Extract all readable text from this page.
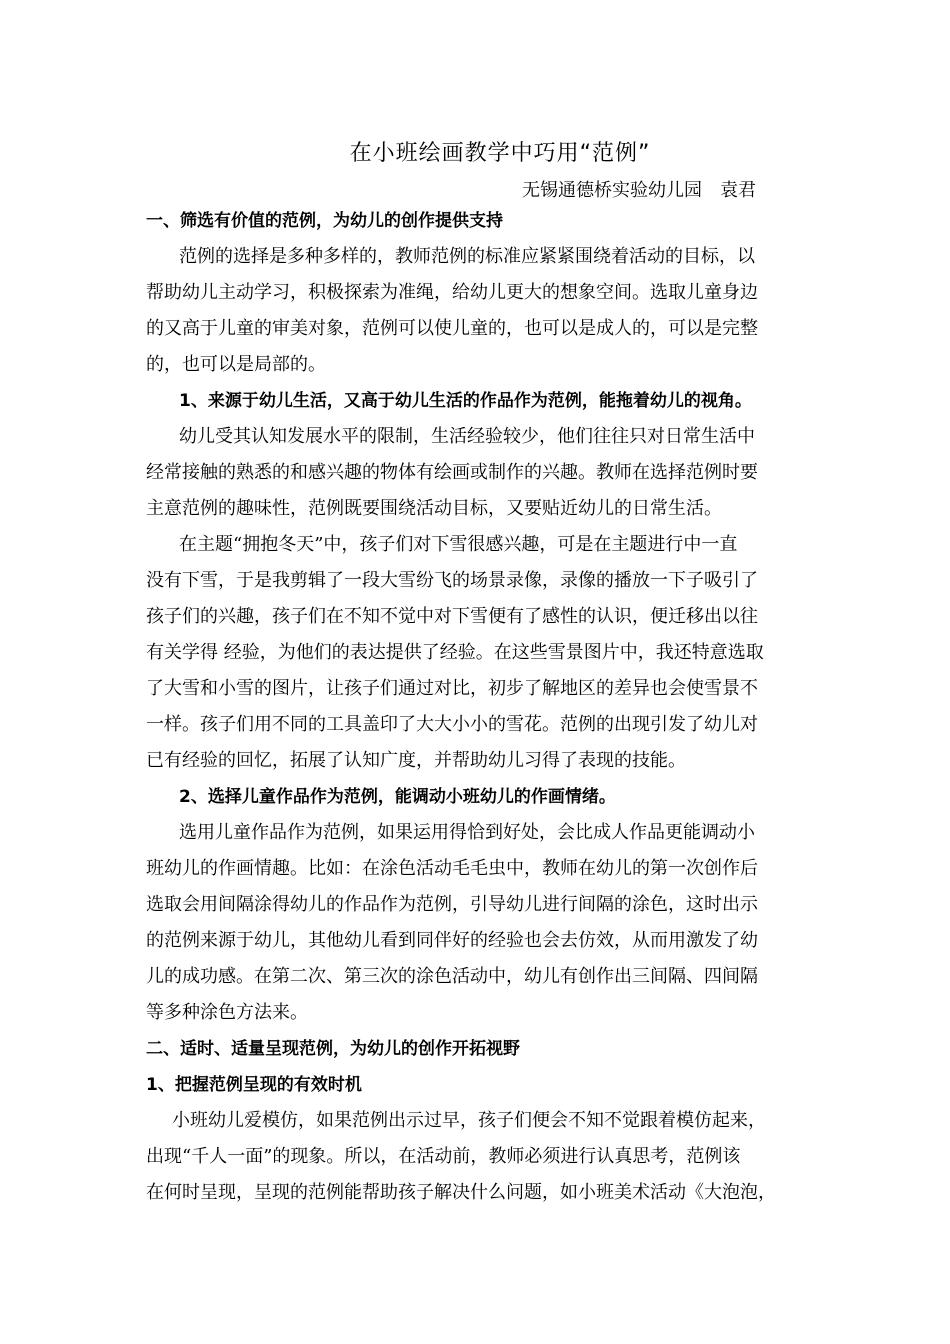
在小班绘画教学中巧用“范例”
无锡通德桥实验幼儿园 袁君
一、筛选有价值的范例，为幼儿的创作提供支持
范例的选择是多种多样的，教师范例的标准应紧紧围绕着活动的目标，以
帮助幼儿主动学习，积极探索为准绳，给幼儿更大的想象空间。选取儿童身边
的又高于儿童的审美对象，范例可以使儿童的，也可以是成人的，可以是完整
的，也可以是局部的。
1、来源于幼儿生活，又高于幼儿生活的作品作为范例，能拖着幼儿的视角。
幼儿受其认知发展水平的限制，生活经验较少，他们往往只对日常生活中
经常接触的熟悉的和感兴趣的物体有绘画或制作的兴趣。教师在选择范例时要
主意范例的趣味性，范例既要围绕活动目标，又要贴近幼儿的日常生活。
在主题“拥抱冬天”中，孩子们对下雪很感兴趣，可是在主题进行中一直
没有下雪，于是我剪辑了一段大雪纷飞的场景录像，录像的播放一下子吸引了
孩子们的兴趣，孩子们在不知不觉中对下雪便有了感性的认识，便迁移出以往
有关学得 经验，为他们的表达提供了经验。在这些雪景图片中，我还特意选取
了大雪和小雪的图片，让孩子们通过对比，初步了解地区的差异也会使雪景不
一样。孩子们用不同的工具盖印了大大小小的雪花。范例的出现引发了幼儿对
已有经验的回忆，拓展了认知广度，并帮助幼儿习得了表现的技能。
2、选择儿童作品作为范例，能调动小班幼儿的作画情绪。
选用儿童作品作为范例，如果运用得恰到好处，会比成人作品更能调动小
班幼儿的作画情趣。比如：在涂色活动毛毛虫中，教师在幼儿的第一次创作后
选取会用间隔涂得幼儿的作品作为范例，引导幼儿进行间隔的涂色，这时出示
的范例来源于幼儿，其他幼儿看到同伴好的经验也会去仿效，从而用激发了幼
儿的成功感。在第二次、第三次的涂色活动中，幼儿有创作出三间隔、四间隔
等多种涂色方法来。
二、适时、适量呈现范例，为幼儿的创作开拓视野
1、把握范例呈现的有效时机
小班幼儿爱模仿，如果范例出示过早，孩子们便会不知不觉跟着模仿起来，
出现“千人一面”的现象。所以，在活动前，教师必须进行认真思考，范例该
在何时呈现，呈现的范例能帮助孩子解决什么问题，如小班美术活动《大泡泡，
